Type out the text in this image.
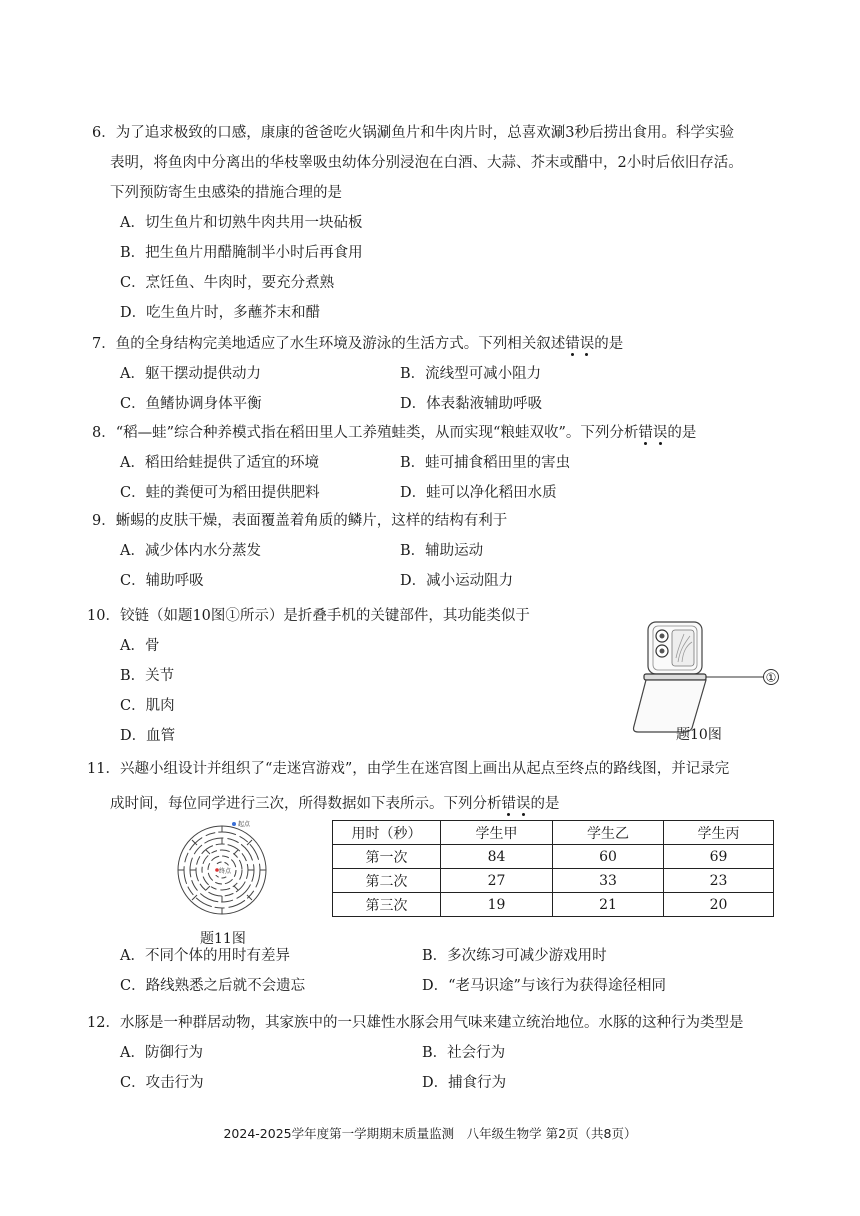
6．为了追求极致的口感，康康的爸爸吃火锅涮鱼片和牛肉片时，总喜欢涮3秒后捞出食用。科学实验
表明，将鱼肉中分离出的华枝睾吸虫幼体分别浸泡在白酒、大蒜、芥末或醋中，2小时后依旧存活。
下列预防寄生虫感染的措施合理的是
A．切生鱼片和切熟牛肉共用一块砧板
B．把生鱼片用醋腌制半小时后再食用
C．烹饪鱼、牛肉时，要充分煮熟
D．吃生鱼片时，多蘸芥末和醋
7．鱼的全身结构完美地适应了水生环境及游泳的生活方式。下列相关叙述错误的是
A．躯干摆动提供动力	B．流线型可减小阻力
C．鱼鳍协调身体平衡	D．体表黏液辅助呼吸
8．“稻—蛙”综合种养模式指在稻田里人工养殖蛙类，从而实现“粮蛙双收”。下列分析错误的是
A．稻田给蛙提供了适宜的环境	B．蛙可捕食稻田里的害虫
C．蛙的粪便可为稻田提供肥料	D．蛙可以净化稻田水质
9．蜥蜴的皮肤干燥，表面覆盖着角质的鳞片，这样的结构有利于
A．减少体内水分蒸发	B．辅助运动
C．辅助呼吸	D．减小运动阻力
10．铰链（如题10图①所示）是折叠手机的关键部件，其功能类似于
A．骨
B．关节
C．肌肉
D．血管
①
题10图
11．兴趣小组设计并组织了“走迷宫游戏”，由学生在迷宫图上画出从起点至终点的路线图，并记录完
成时间，每位同学进行三次，所得数据如下表所示。下列分析错误的是
起点
终点
题11图
用时（秒）	学生甲	学生乙	学生丙
第一次	84	60	69
第二次	27	33	23
第三次	19	21	20
A．不同个体的用时有差异	B．多次练习可减少游戏用时
C．路线熟悉之后就不会遗忘	D．“老马识途”与该行为获得途径相同
12．水豚是一种群居动物，其家族中的一只雄性水豚会用气味来建立统治地位。水豚的这种行为类型是
A．防御行为	B．社会行为
C．攻击行为	D．捕食行为
2024-2025学年度第一学期期末质量监测　八年级生物学 第2页（共8页）
